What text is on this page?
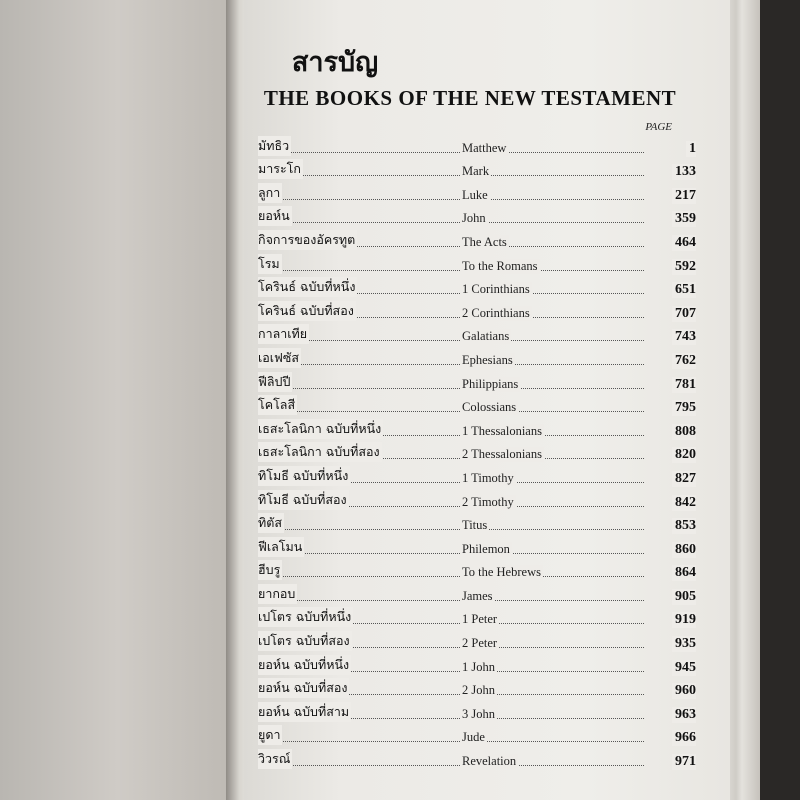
สารบัญ
THE BOOKS OF THE NEW TESTAMENT
PAGE
มัทธิว	Matthew	1
มาระโก	Mark	133
ลูกา	Luke	217
ยอห์น	John	359
กิจการของอัครทูต	The Acts	464
โรม	To the Romans	592
โครินธ์ ฉบับที่หนึ่ง	1 Corinthians	651
โครินธ์ ฉบับที่สอง	2 Corinthians	707
กาลาเทีย	Galatians	743
เอเฟซัส	Ephesians	762
ฟีลิปปี	Philippians	781
โคโลสี	Colossians	795
เธสะโลนิกา ฉบับที่หนึ่ง	1 Thessalonians	808
เธสะโลนิกา ฉบับที่สอง	2 Thessalonians	820
ทิโมธี ฉบับที่หนึ่ง	1 Timothy	827
ทิโมธี ฉบับที่สอง	2 Timothy	842
ทิตัส	Titus	853
ฟีเลโมน	Philemon	860
ฮีบรู	To the Hebrews	864
ยากอบ	James	905
เปโตร ฉบับที่หนึ่ง	1 Peter	919
เปโตร ฉบับที่สอง	2 Peter	935
ยอห์น ฉบับที่หนึ่ง	1 John	945
ยอห์น ฉบับที่สอง	2 John	960
ยอห์น ฉบับที่สาม	3 John	963
ยูดา	Jude	966
วิวรณ์	Revelation	971
